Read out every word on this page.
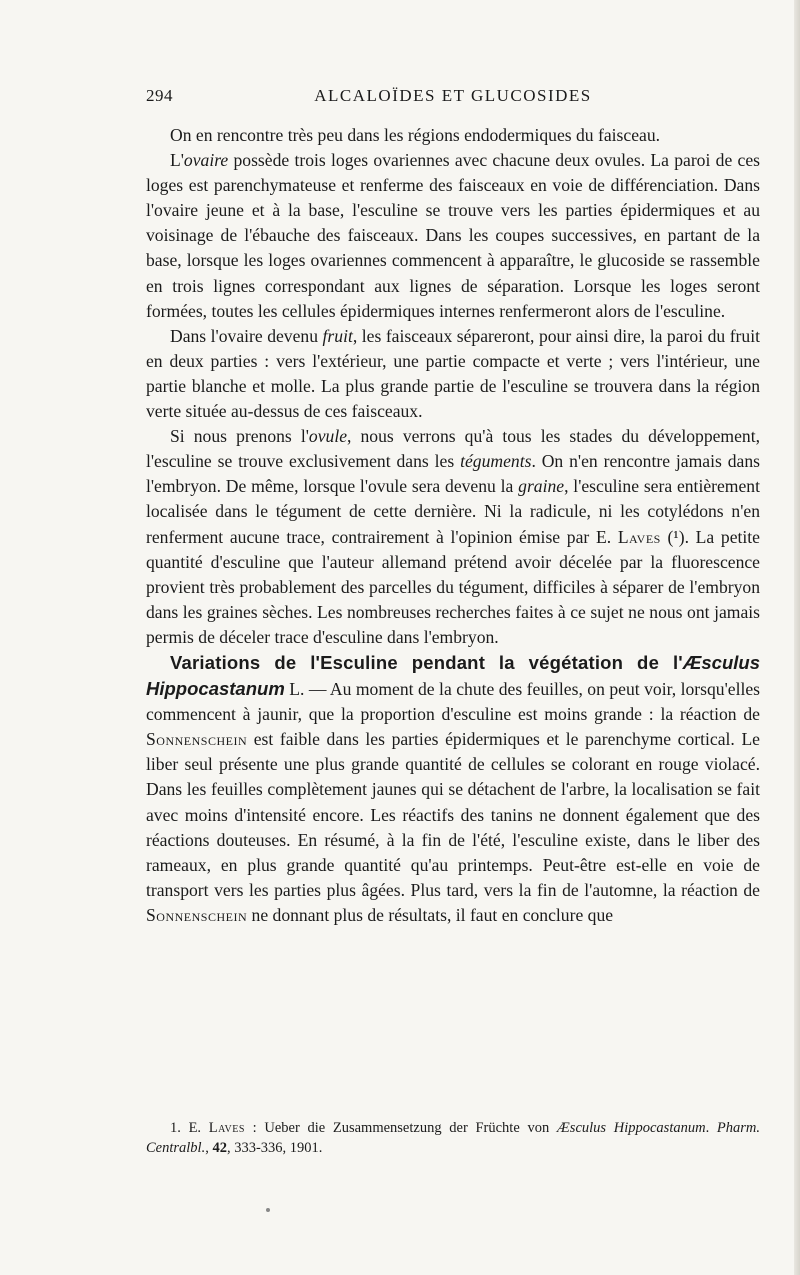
294	ALCALOÏDES ET GLUCOSIDES

On en rencontre très peu dans les régions endodermiques du faisceau.

L'ovaire possède trois loges ovariennes avec chacune deux ovules. La paroi de ces loges est parenchymateuse et renferme des faisceaux en voie de différenciation. Dans l'ovaire jeune et à la base, l'esculine se trouve vers les parties épidermiques et au voisinage de l'ébauche des faisceaux. Dans les coupes successives, en partant de la base, lorsque les loges ovariennes commencent à apparaître, le glucoside se rassemble en trois lignes correspondant aux lignes de séparation. Lorsque les loges seront formées, toutes les cellules épidermiques internes renfermeront alors de l'esculine.

Dans l'ovaire devenu fruit, les faisceaux sépareront, pour ainsi dire, la paroi du fruit en deux parties : vers l'extérieur, une partie compacte et verte ; vers l'intérieur, une partie blanche et molle. La plus grande partie de l'esculine se trouvera dans la région verte située au-dessus de ces faisceaux.

Si nous prenons l'ovule, nous verrons qu'à tous les stades du développement, l'esculine se trouve exclusivement dans les téguments. On n'en rencontre jamais dans l'embryon. De même, lorsque l'ovule sera devenu la graine, l'esculine sera entièrement localisée dans le tégument de cette dernière. Ni la radicule, ni les cotylédons n'en renferment aucune trace, contrairement à l'opinion émise par E. Laves (¹). La petite quantité d'esculine que l'auteur allemand prétend avoir décelée par la fluorescence provient très probablement des parcelles du tégument, difficiles à séparer de l'embryon dans les graines sèches. Les nombreuses recherches faites à ce sujet ne nous ont jamais permis de déceler trace d'esculine dans l'embryon.

Variations de l'Esculine pendant la végétation de l'Æsculus Hippocastanum L. — Au moment de la chute des feuilles, on peut voir, lorsqu'elles commencent à jaunir, que la proportion d'esculine est moins grande : la réaction de Sonnenschein est faible dans les parties épidermiques et le parenchyme cortical. Le liber seul présente une plus grande quantité de cellules se colorant en rouge violacé. Dans les feuilles complètement jaunes qui se détachent de l'arbre, la localisation se fait avec moins d'intensité encore. Les réactifs des tanins ne donnent également que des réactions douteuses. En résumé, à la fin de l'été, l'esculine existe, dans le liber des rameaux, en plus grande quantité qu'au printemps. Peut-être est-elle en voie de transport vers les parties plus âgées. Plus tard, vers la fin de l'automne, la réaction de Sonnenschein ne donnant plus de résultats, il faut en conclure que

1. E. Laves : Ueber die Zusammensetzung der Früchte von Æsculus Hippocastanum. Pharm. Centralbl., 42, 333-336, 1901.
